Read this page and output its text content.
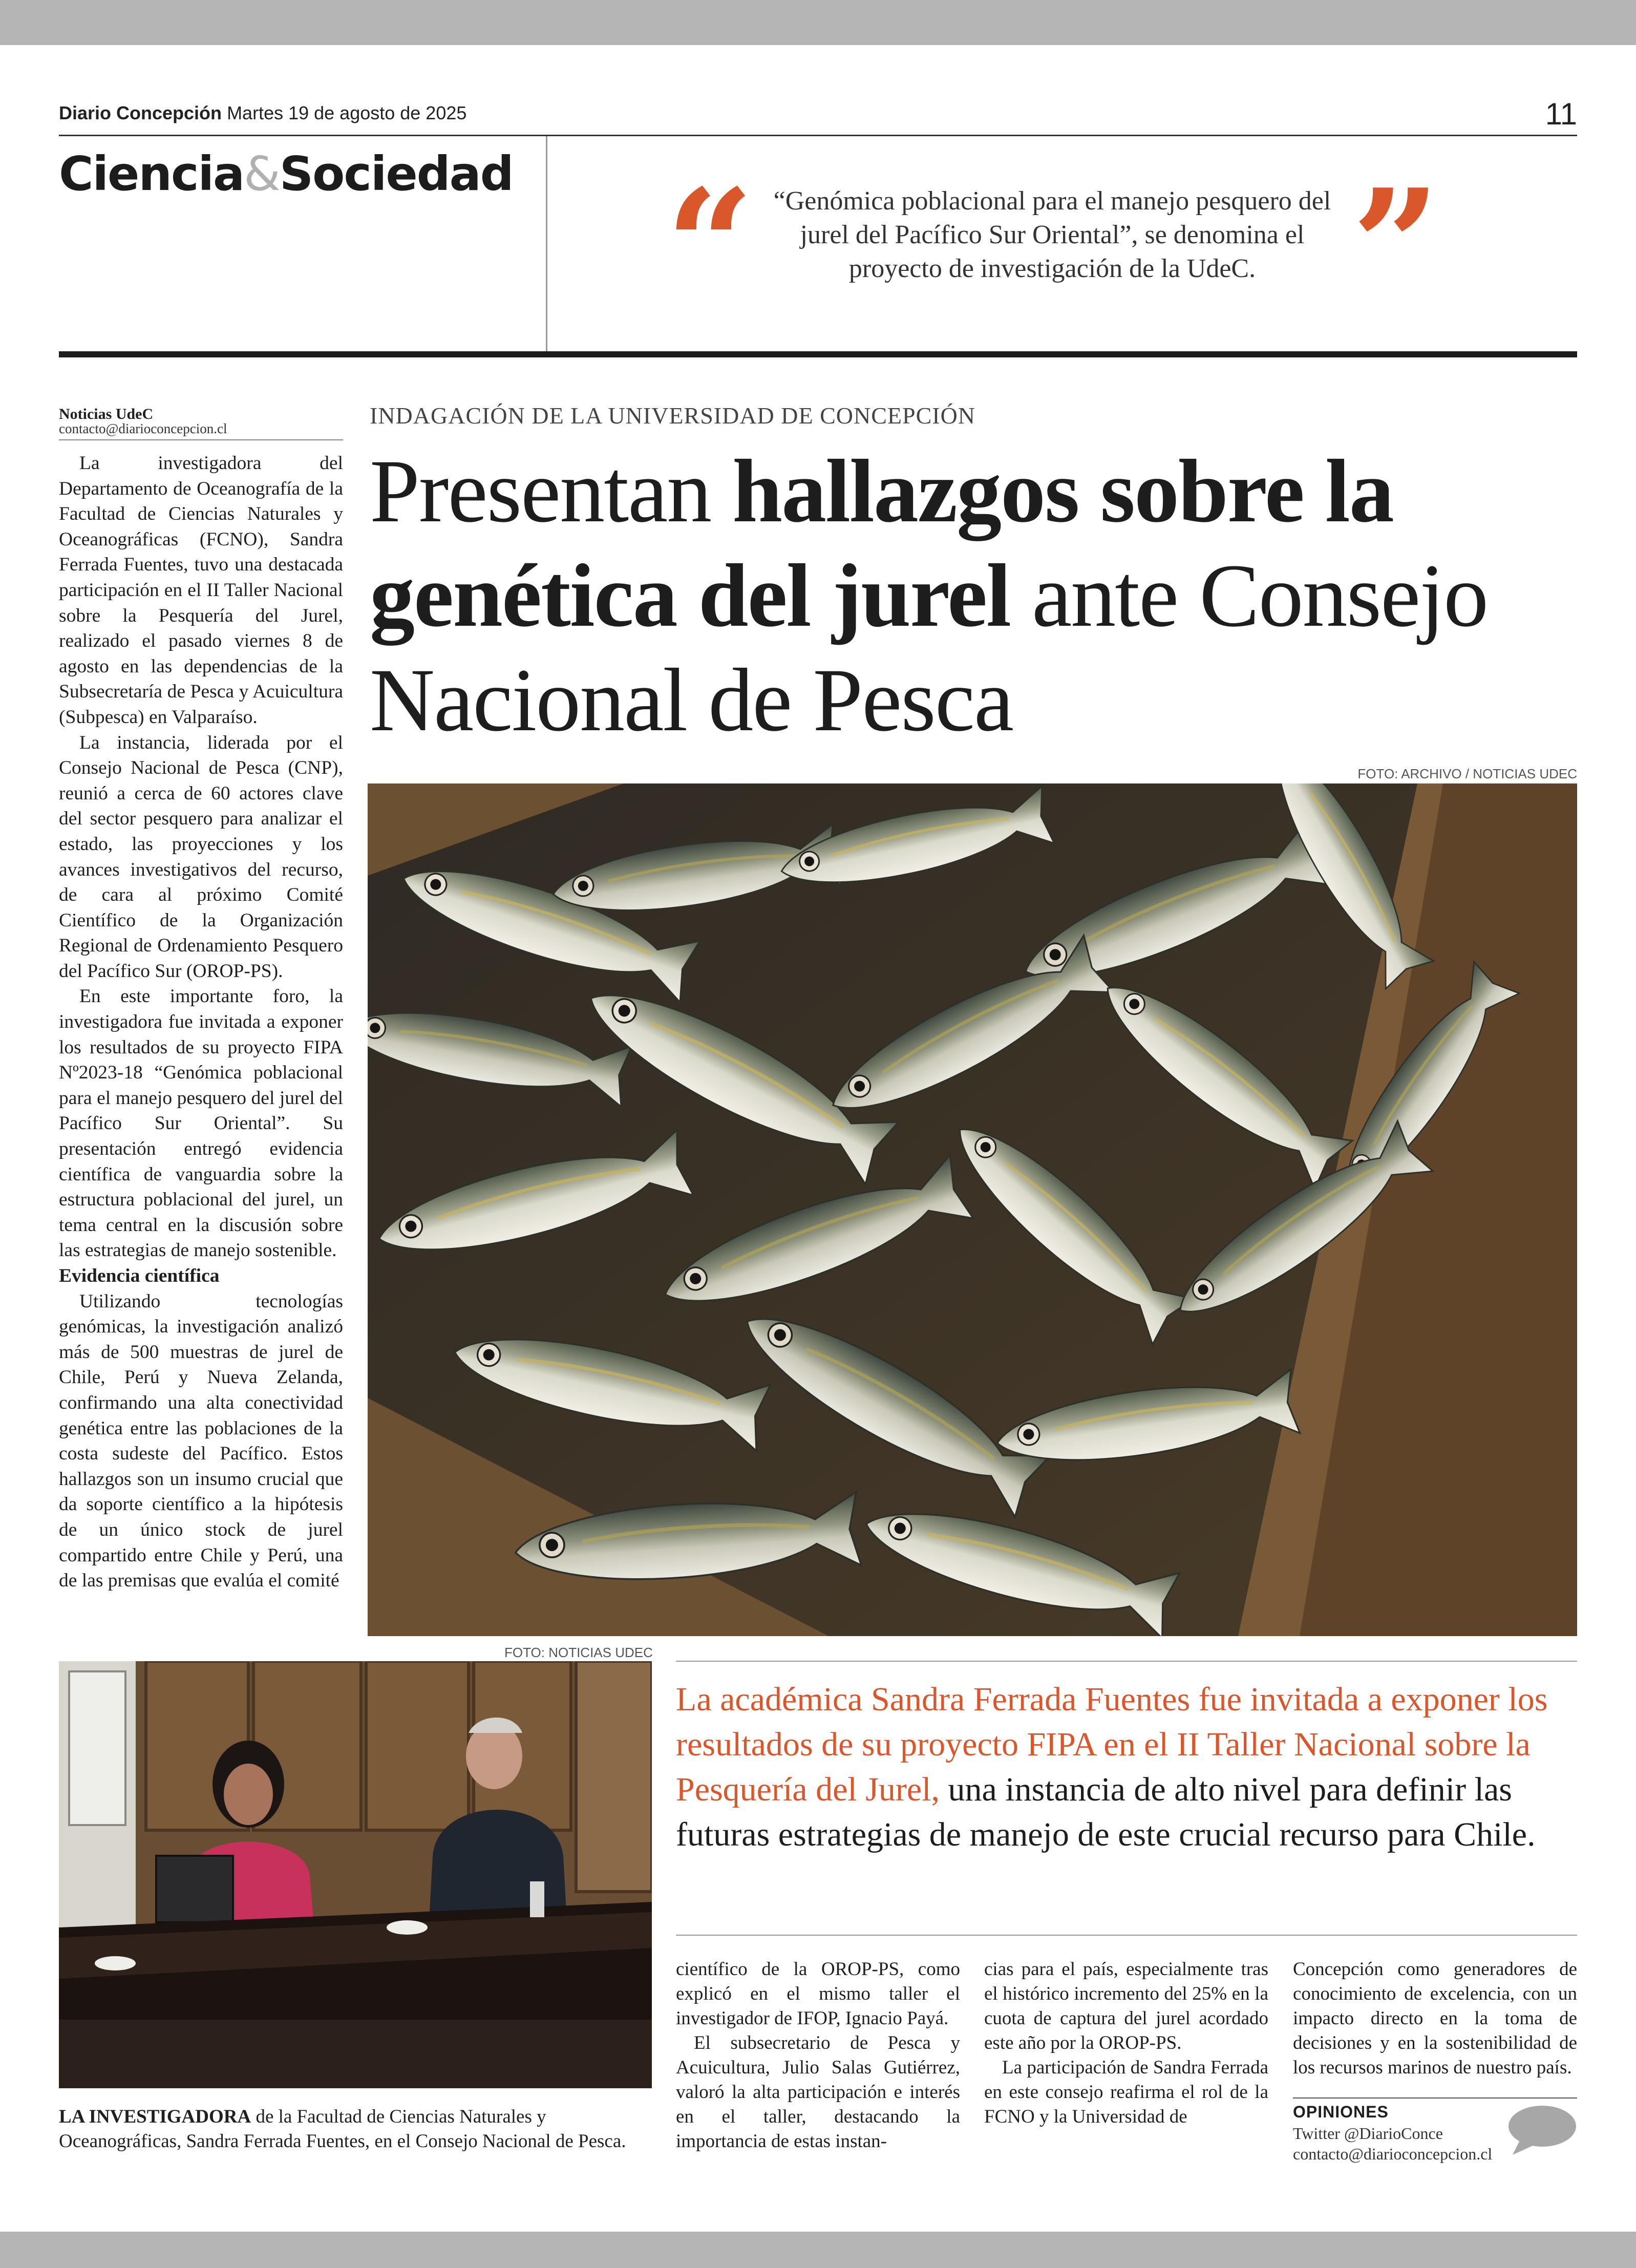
Diario Concepción Martes 19 de agosto de 2025	11
Ciencia&Sociedad “ “Genómica poblacional para el manejo pesquero del jurel del Pacífico Sur Oriental”, se denomina el proyecto de investigación de la UdeC. ”
Noticias UdeC
contacto@diarioconcepcion.cl

La investigadora del Departamento de Oceanografía de la Facultad de Ciencias Naturales y Oceanográficas (FCNO), Sandra Ferrada Fuentes, tuvo una destacada participación en el II Taller Nacional sobre la Pesquería del Jurel, realizado el pasado viernes 8 de agosto en las dependencias de la Subsecretaría de Pesca y Acuicultura (Subpesca) en Valparaíso.

La instancia, liderada por el Consejo Nacional de Pesca (CNP), reunió a cerca de 60 actores clave del sector pesquero para analizar el estado, las proyecciones y los avances investigativos del recurso, de cara al próximo Comité Científico de la Organización Regional de Ordenamiento Pesquero del Pacífico Sur (OROP-PS).

En este importante foro, la investigadora fue invitada a exponer los resultados de su proyecto FIPA Nº2023-18 “Genómica poblacional para el manejo pesquero del jurel del Pacífico Sur Oriental”. Su presentación entregó evidencia científica de vanguardia sobre la estructura poblacional del jurel, un tema central en la discusión sobre las estrategias de manejo sostenible.

Evidencia científica

Utilizando tecnologías genómicas, la investigación analizó más de 500 muestras de jurel de Chile, Perú y Nueva Zelanda, confirmando una alta conectividad genética entre las poblaciones de la costa sudeste del Pacífico. Estos hallazgos son un insumo crucial que da soporte científico a la hipótesis de un único stock de jurel compartido entre Chile y Perú, una de las premisas que evalúa el comité

INDAGACIÓN DE LA UNIVERSIDAD DE CONCEPCIÓN
Presentan hallazgos sobre la genética del jurel ante Consejo Nacional de Pesca
FOTO: ARCHIVO / NOTICIAS UDEC
FOTO: NOTICIAS UDEC
LA INVESTIGADORA de la Facultad de Ciencias Naturales y Oceanográficas, Sandra Ferrada Fuentes, en el Consejo Nacional de Pesca.
La académica Sandra Ferrada Fuentes fue invitada a exponer los resultados de su proyecto FIPA en el II Taller Nacional sobre la Pesquería del Jurel, una instancia de alto nivel para definir las futuras estrategias de manejo de este crucial recurso para Chile.

científico de la OROP-PS, como explicó en el mismo taller el investigador de IFOP, Ignacio Payá.

El subsecretario de Pesca y Acuicultura, Julio Salas Gutiérrez, valoró la alta participación e interés en el taller, destacando la importancia de estas instan-

cias para el país, especialmente tras el histórico incremento del 25% en la cuota de captura del jurel acordado este año por la OROP-PS.

La participación de Sandra Ferrada en este consejo reafirma el rol de la FCNO y la Universidad de

Concepción como generadores de conocimiento de excelencia, con un impacto directo en la toma de decisiones y en la sostenibilidad de los recursos marinos de nuestro país.

OPINIONES
Twitter @DiarioConce
contacto@diarioconcepcion.cl
